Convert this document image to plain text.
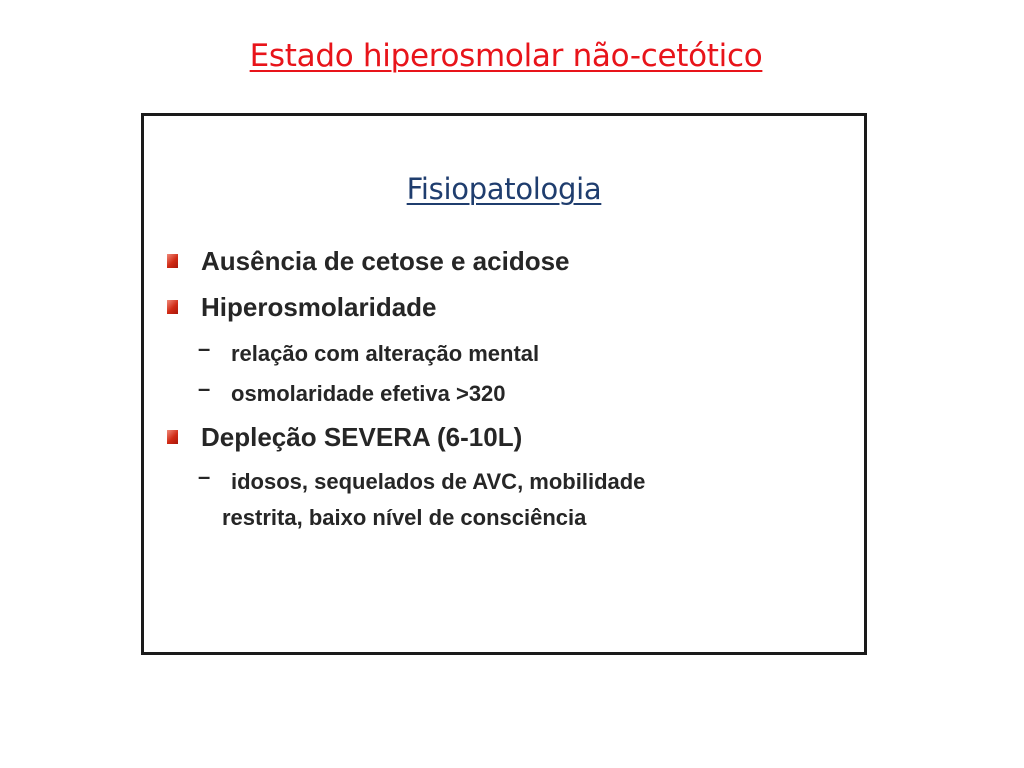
Estado hiperosmolar não-cetótico
Fisiopatologia
Ausência de cetose e acidose
Hiperosmolaridade
– relação com alteração mental
– osmolaridade efetiva >320
Depleção SEVERA (6-10L)
– idosos, sequelados de AVC, mobilidade
restrita, baixo nível de consciência
